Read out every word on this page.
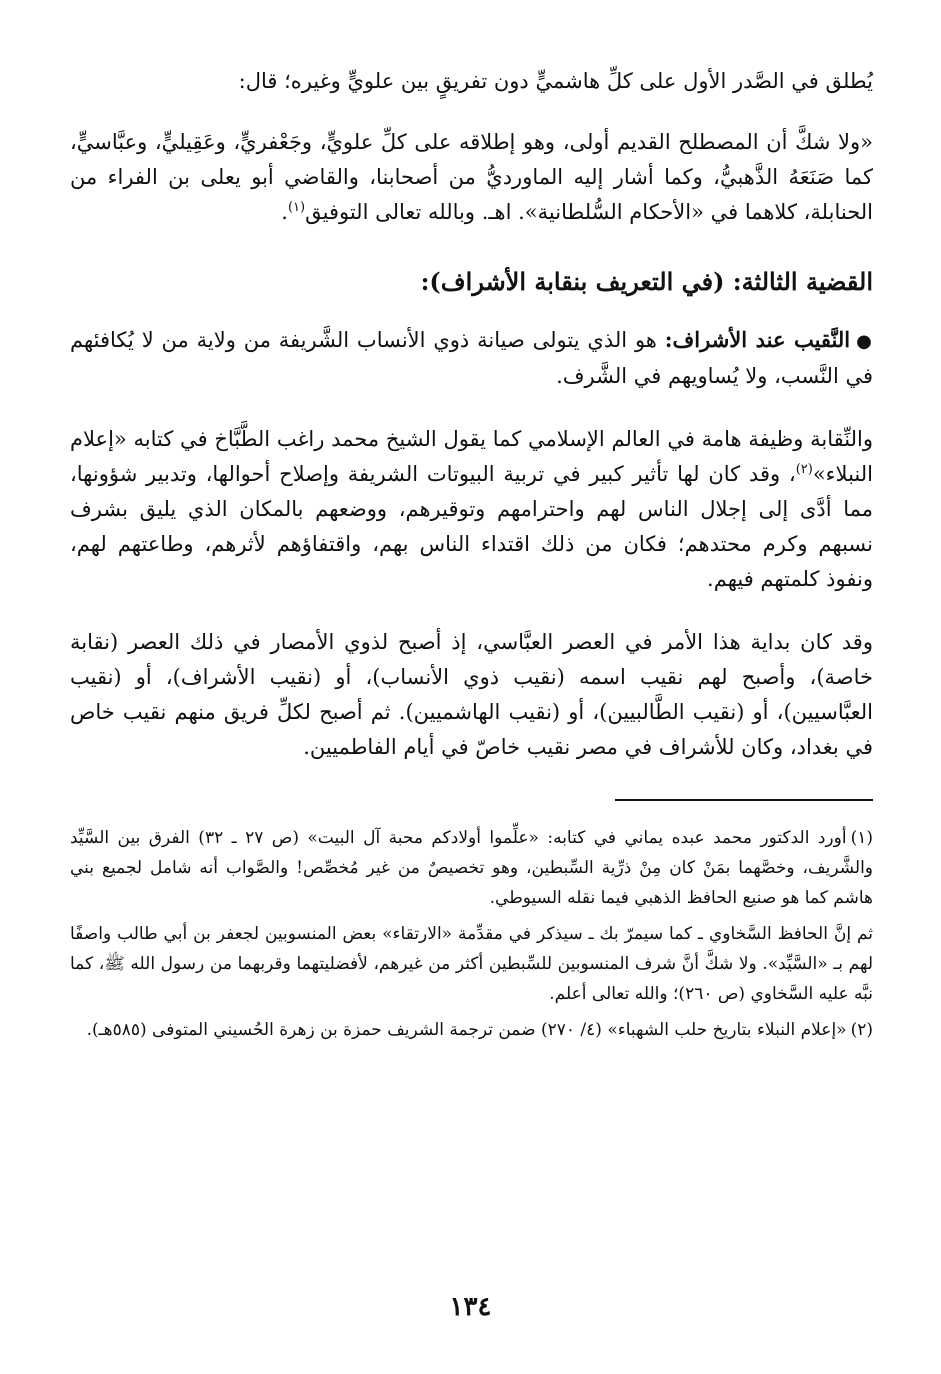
يُطلق في الصَّدر الأول على كلِّ هاشميٍّ دون تفريقٍ بين علويٍّ وغيره؛ قال:

«ولا شكَّ أن المصطلح القديم أولى، وهو إطلاقه على كلِّ علويٍّ، وجَعْفريٍّ، وعَقِيليٍّ، وعبَّاسيٍّ، كما صَنَعَهُ الذَّهبيُّ، وكما أشار إليه الماورديُّ من أصحابنا، والقاضي أبو يعلى بن الفراء من الحنابلة، كلاهما في «الأحكام السُّلطانية». اهـ. وبالله تعالى التوفيق$^{(١)}$.

القضية الثالثة: (في التعريف بنقابة الأشراف):

●النَّقيب عند الأشراف: هو الذي يتولى صيانة ذوي الأنساب الشَّريفة من ولاية من لا يُكافئهم في النَّسب، ولا يُساويهم في الشَّرف.

والنِّقابة وظيفة هامة في العالم الإسلامي كما يقول الشيخ محمد راغب الطَّبَّاخ في كتابه «إعلام النبلاء»$^{(٢)}$، وقد كان لها تأثير كبير في تربية البيوتات الشريفة وإصلاح أحوالها، وتدبير شؤونها، مما أدَّى إلى إجلال الناس لهم واحترامهم وتوقيرهم، ووضعهم بالمكان الذي يليق بشرف نسبهم وكرم محتدهم؛ فكان من ذلك اقتداء الناس بهم، واقتفاؤهم لأثرهم، وطاعتهم لهم، ونفوذ كلمتهم فيهم.

وقد كان بداية هذا الأمر في العصر العبَّاسي، إذ أصبح لذوي الأمصار في ذلك العصر (نقابة خاصة)، وأصبح لهم نقيب اسمه (نقيب ذوي الأنساب)، أو (نقيب الأشراف)، أو (نقيب العبَّاسيين)، أو (نقيب الطَّالبيين)، أو (نقيب الهاشميين). ثم أصبح لكلِّ فريق منهم نقيب خاص في بغداد، وكان للأشراف في مصر نقيب خاصّ في أيام الفاطميين.

(١)أورد الدكتور محمد عبده يماني في كتابه: «علِّموا أولادكم محبة آل البيت» (ص ٢٧ ـ ٣٢) الفرق بين السَّيِّد والشَّريف، وخصَّهما بمَنْ كان مِنْ ذرِّية السِّبطين، وهو تخصيصٌ من غير مُخصِّص! والصَّواب أنه شامل لجميع بني هاشم كما هو صنيع الحافظ الذهبي فيما نقله السيوطي.

ثم إنَّ الحافظ السَّخاوي ـ كما سيمرّ بك ـ سيذكر في مقدِّمة «الارتقاء» بعض المنسوبين لجعفر بن أبي طالب واصفًا لهم بـ «السَّيِّد». ولا شكَّ أنَّ شرف المنسوبين للسِّبطين أكثر من غيرهم، لأفضليتهما وقربهما من رسول الله ﷺ، كما نبَّه عليه السَّخاوي (ص ٢٦٠)؛ والله تعالى أعلم.

(٢)«إعلام النبلاء بتاريخ حلب الشهباء» (٤/ ٢٧٠) ضمن ترجمة الشريف حمزة بن زهرة الحُسيني المتوفى (٥٨٥هـ).

١٣٤
